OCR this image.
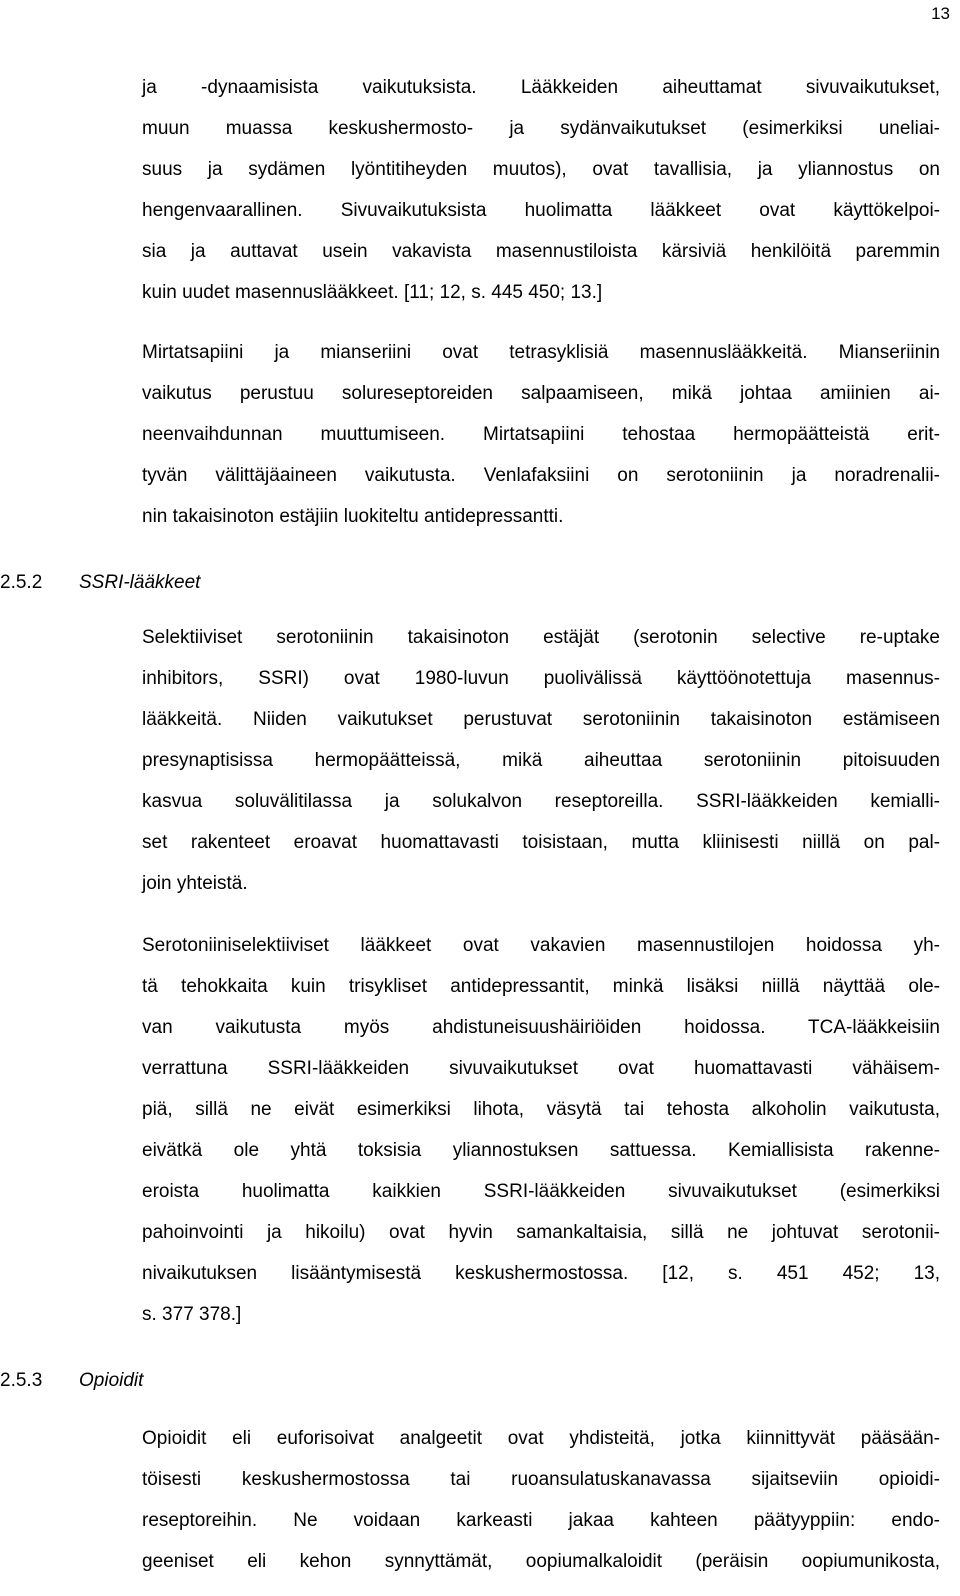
13
ja -dynaamisista vaikutuksista. Lääkkeiden aiheuttamat sivuvaikutukset,
muun muassa keskushermosto- ja sydänvaikutukset (esimerkiksi uneliai-
suus ja sydämen lyöntitiheyden muutos), ovat tavallisia, ja yliannostus on
hengenvaarallinen. Sivuvaikutuksista huolimatta lääkkeet ovat käyttökelpoi-
sia ja auttavat usein vakavista masennustiloista kärsiviä henkilöitä paremmin
kuin uudet masennuslääkkeet. [11; 12, s. 445 450; 13.]
Mirtatsapiini ja mianseriini ovat tetrasyklisiä masennuslääkkeitä. Mianseriinin
vaikutus perustuu solureseptoreiden salpaamiseen, mikä johtaa amiinien ai-
neenvaihdunnan muuttumiseen. Mirtatsapiini tehostaa hermopäätteistä erit-
tyvän välittäjäaineen vaikutusta. Venlafaksiini on serotoniinin ja noradrenalii-
nin takaisinoton estäjiin luokiteltu antidepressantti.
2.5.2 SSRI-lääkkeet
Selektiiviset serotoniinin takaisinoton estäjät (serotonin selective re-uptake
inhibitors, SSRI) ovat 1980-luvun puolivälissä käyttöönotettuja masennus-
lääkkeitä. Niiden vaikutukset perustuvat serotoniinin takaisinoton estämiseen
presynaptisissa hermopäätteissä, mikä aiheuttaa serotoniinin pitoisuuden
kasvua soluvälitilassa ja solukalvon reseptoreilla. SSRI-lääkkeiden kemialli-
set rakenteet eroavat huomattavasti toisistaan, mutta kliinisesti niillä on pal-
join yhteistä.
Serotoniiniselektiiviset lääkkeet ovat vakavien masennustilojen hoidossa yh-
tä tehokkaita kuin trisykliset antidepressantit, minkä lisäksi niillä näyttää ole-
van vaikutusta myös ahdistuneisuushäiriöiden hoidossa. TCA-lääkkeisiin
verrattuna SSRI-lääkkeiden sivuvaikutukset ovat huomattavasti vähäisem-
piä, sillä ne eivät esimerkiksi lihota, väsytä tai tehosta alkoholin vaikutusta,
eivätkä ole yhtä toksisia yliannostuksen sattuessa. Kemiallisista rakenne-
eroista huolimatta kaikkien SSRI-lääkkeiden sivuvaikutukset (esimerkiksi
pahoinvointi ja hikoilu) ovat hyvin samankaltaisia, sillä ne johtuvat serotonii-
nivaikutuksen lisääntymisestä keskushermostossa. [12, s. 451 452; 13,
s. 377 378.]
2.5.3 Opioidit
Opioidit eli euforisoivat analgeetit ovat yhdisteitä, jotka kiinnittyvät pääsään-
töisesti keskushermostossa tai ruoansulatuskanavassa sijaitseviin opioidi-
reseptoreihin. Ne voidaan karkeasti jakaa kahteen päätyyppiin: endo-
geeniset eli kehon synnyttämät, oopiumalkaloidit (peräisin oopiumunikosta,
